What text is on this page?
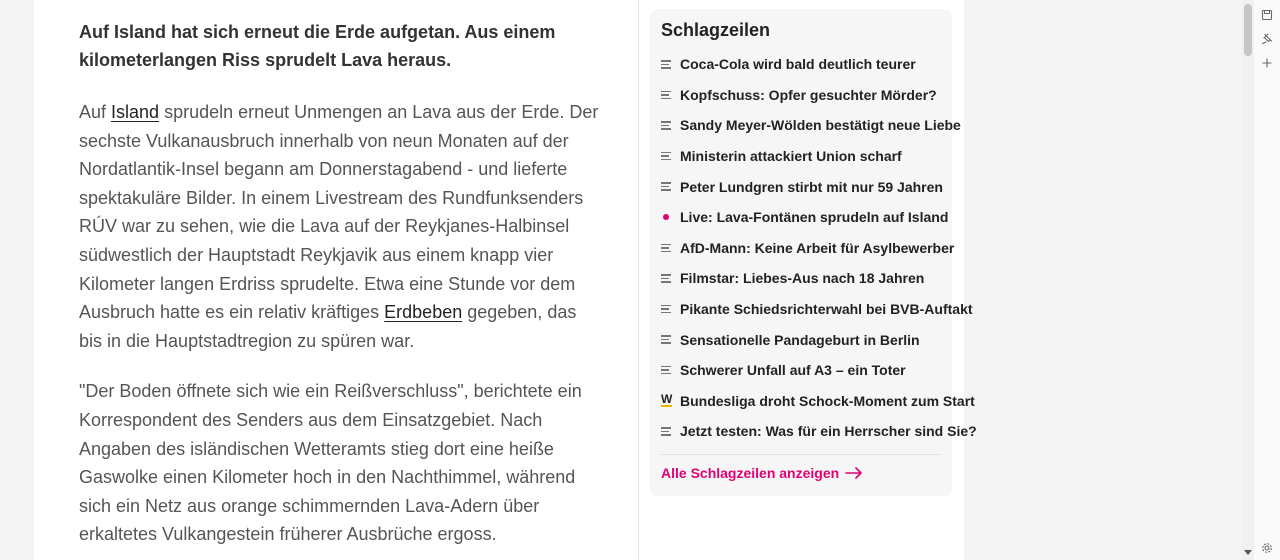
Auf Island hat sich erneut die Erde aufgetan. Aus einem kilometerlangen Riss sprudelt Lava heraus.

Auf Island sprudeln erneut Unmengen an Lava aus der Erde. Der sechste Vulkanausbruch innerhalb von neun Monaten auf der Nordatlantik-Insel begann am Donnerstagabend - und lieferte spektakuläre Bilder. In einem Livestream des Rundfunksenders RÚV war zu sehen, wie die Lava auf der Reykjanes-Halbinsel südwestlich der Hauptstadt Reykjavik aus einem knapp vier Kilometer langen Erdriss sprudelte. Etwa eine Stunde vor dem Ausbruch hatte es ein relativ kräftiges Erdbeben gegeben, das bis in die Hauptstadtregion zu spüren war.

"Der Boden öffnete sich wie ein Reißverschluss", berichtete ein Korrespondent des Senders aus dem Einsatzgebiet. Nach Angaben des isländischen Wetteramts stieg dort eine heiße Gaswolke einen Kilometer hoch in den Nachthimmel, während sich ein Netz aus orange schimmernden Lava-Adern über erkaltetes Vulkangestein früherer Ausbrüche ergoss.

Schlagzeilen
Coca-Cola wird bald deutlich teurer
Kopfschuss: Opfer gesuchter Mörder?
Sandy Meyer-Wölden bestätigt neue Liebe
Ministerin attackiert Union scharf
Peter Lundgren stirbt mit nur 59 Jahren
Live: Lava-Fontänen sprudeln auf Island
AfD-Mann: Keine Arbeit für Asylbewerber
Filmstar: Liebes-Aus nach 18 Jahren
Pikante Schiedsrichterwahl bei BVB-Auftakt
Sensationelle Pandageburt in Berlin
Schwerer Unfall auf A3 – ein Toter
W Bundesliga droht Schock-Moment zum Start
Jetzt testen: Was für ein Herrscher sind Sie?
Alle Schlagzeilen anzeigen
